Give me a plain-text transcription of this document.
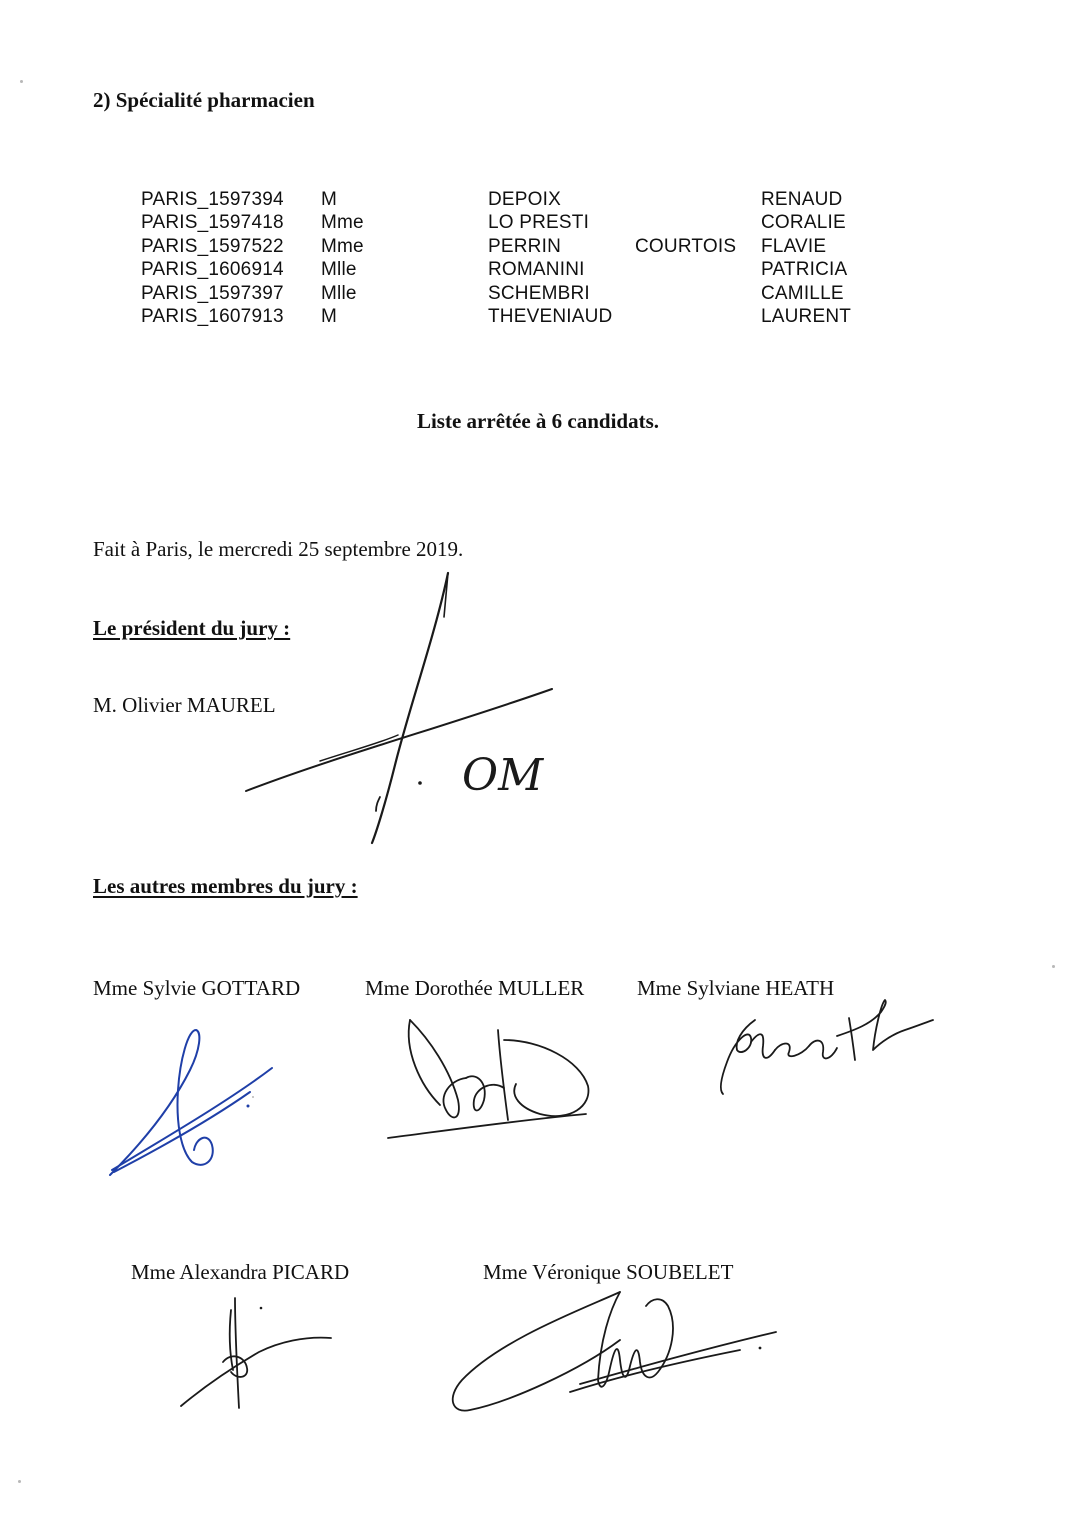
2) Spécialité pharmacien
PARIS_1597394	M	DEPOIX		RENAUD
PARIS_1597418	Mme	LO PRESTI		CORALIE
PARIS_1597522	Mme	PERRIN	COURTOIS	FLAVIE
PARIS_1606914	Mlle	ROMANINI		PATRICIA
PARIS_1597397	Mlle	SCHEMBRI		CAMILLE
PARIS_1607913	M	THEVENIAUD		LAURENT
Liste arrêtée à 6 candidats.
Fait à Paris, le mercredi 25 septembre 2019.
Le président du jury :
M. Olivier MAUREL
OM
Les autres membres du jury :
Mme Sylvie GOTTARD	Mme Dorothée MULLER	Mme Sylviane HEATH
Mme Alexandra PICARD	Mme Véronique SOUBELET
